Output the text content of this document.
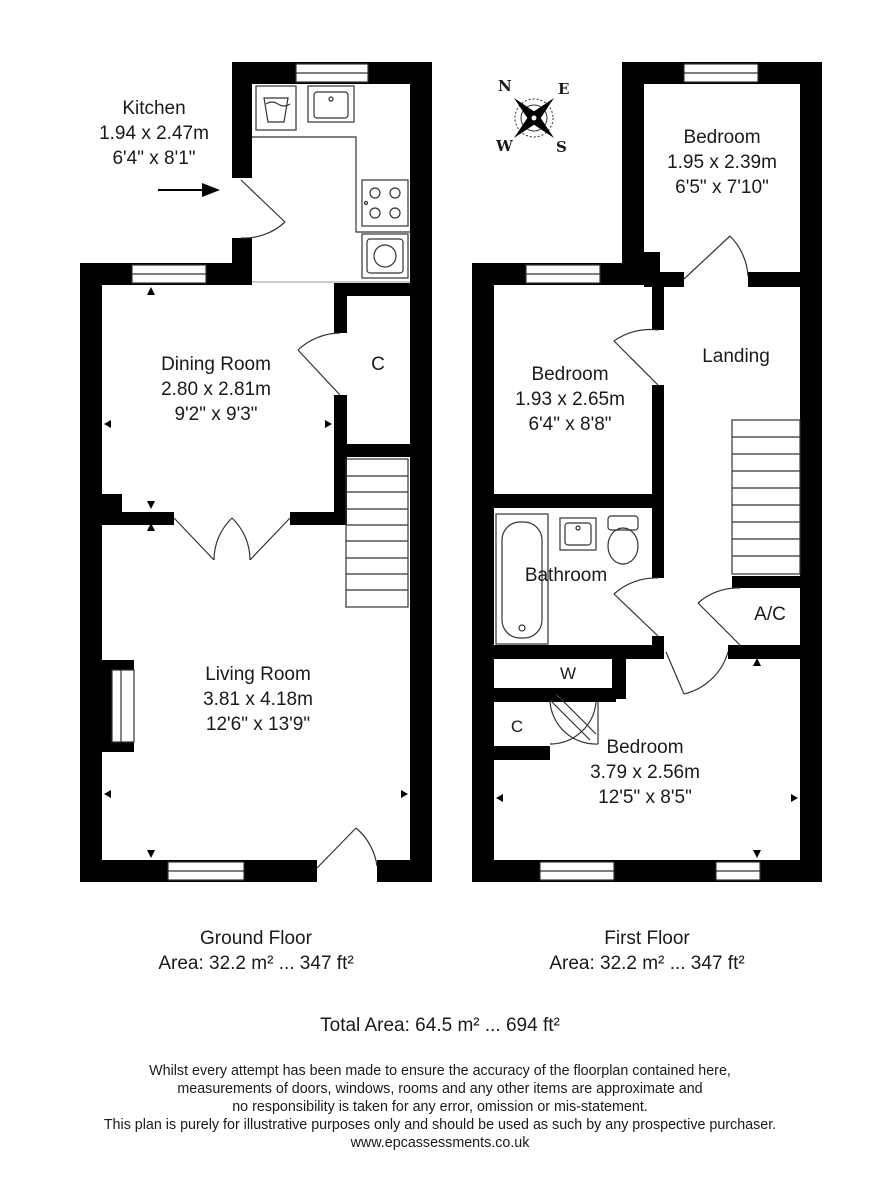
N	E
W	S
Kitchen
1.94 x 2.47m
6'4" x 8'1"
Dining Room
2.80 x 2.81m
9'2" x 9'3"
C
Living Room
3.81 x 4.18m
12'6" x 13'9"
Bedroom
1.95 x 2.39m
6'5" x 7'10"
Bedroom
1.93 x 2.65m
6'4" x 8'8"
Landing
Bathroom
A/C
W
C
Bedroom
3.79 x 2.56m
12'5" x 8'5"
Ground Floor
Area: 32.2 m² ... 347 ft²
First Floor
Area: 32.2 m² ... 347 ft²
Total Area: 64.5 m² ... 694 ft²
Whilst every attempt has been made to ensure the accuracy of the floorplan contained here,
measurements of doors, windows, rooms and any other items are approximate and
no responsibility is taken for any error, omission or mis-statement.
This plan is purely for illustrative purposes only and should be used as such by any prospective purchaser.
www.epcassessments.co.uk
